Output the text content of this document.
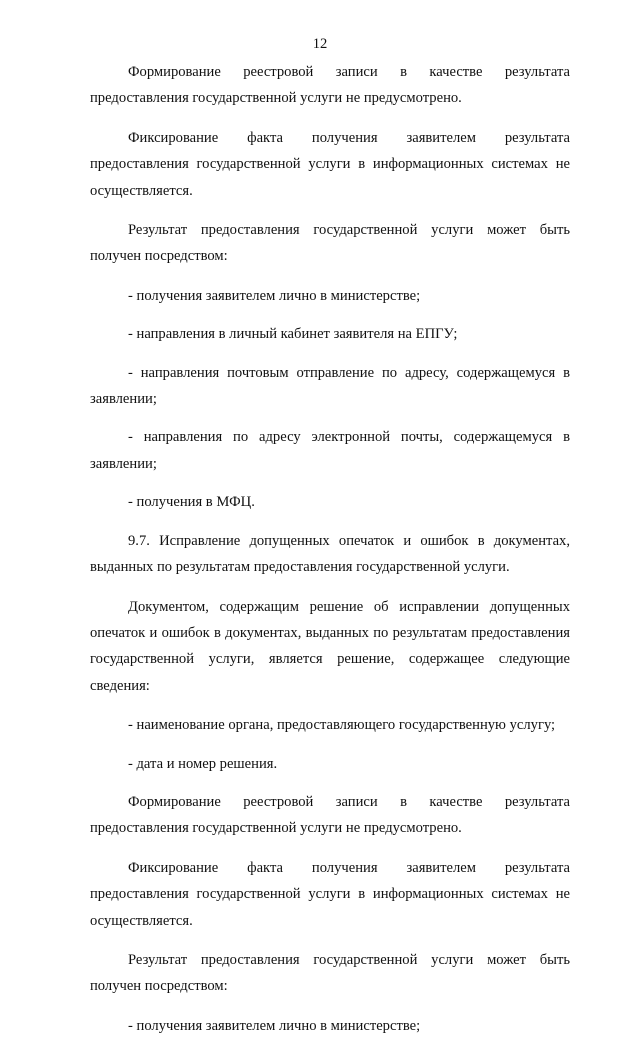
12

Формирование реестровой записи в качестве результата предоставления государственной услуги не предусмотрено.

Фиксирование факта получения заявителем результата предоставления государственной услуги в информационных системах не осуществляется.

Результат предоставления государственной услуги может быть получен посредством:

- получения заявителем лично в министерстве;

- направления в личный кабинет заявителя на ЕПГУ;

- направления почтовым отправление по адресу, содержащемуся в заявлении;

- направления по адресу электронной почты, содержащемуся в заявлении;

- получения в МФЦ.

9.7. Исправление допущенных опечаток и ошибок в документах, выданных по результатам предоставления государственной услуги.

Документом, содержащим решение об исправлении допущенных опечаток и ошибок в документах, выданных по результатам предоставления государственной услуги, является решение, содержащее следующие сведения:

- наименование органа, предоставляющего государственную услугу;

- дата и номер решения.

Формирование реестровой записи в качестве результата предоставления государственной услуги не предусмотрено.

Фиксирование факта получения заявителем результата предоставления государственной услуги в информационных системах не осуществляется.

Результат предоставления государственной услуги может быть получен посредством:

- получения заявителем лично в министерстве;
